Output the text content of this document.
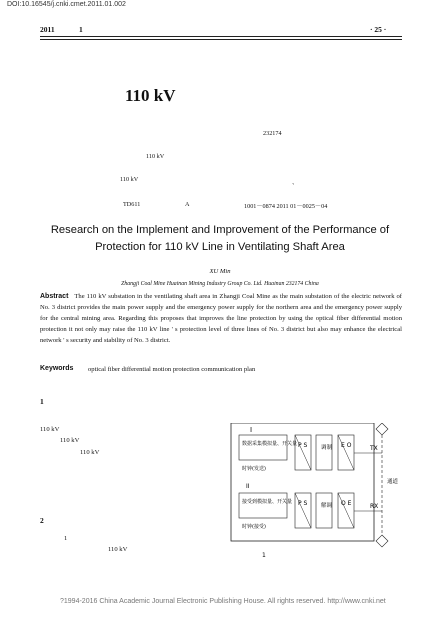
DOI:10.16545/j.cnki.cmet.2011.01.002
2011	1	· 25 ·
110 kV
232174
110 kV
110 kV	、
TD611	A	1001－0874 2011 01－0025－04
Research on the Implement and Improvement of the Performance of
Protection for 110 kV Line in Ventilating Shaft Area
XU Min
Zhangji Coal Mine Huainan Mining Industry Group Co. Ltd. Huainan 232174 China
Abstract The 110 kV substation in the ventilating shaft area in Zhangji Coal Mine as the main substation of the electric network of No. 3 district provides the main power supply and the emergency power supply for the northern area and the emergency power supply for the central mining area. Regarding this proposes that improves the line protection by using the optical fiber differential motion protection it not only may raise the 110 kV line ' s protection level of three lines of No. 3 district but also may enhance the electrical network ' s security and stability of No. 3 district.
Keywords optical fiber differential motion protection communication plan
1
110 kV
110 kV
110 kV
2
1
110 kV
I
II
数据采集模拟量、开关量
时钟(发送)
P S 调制 E O	TX
接受到模拟量、开关量
时钟(接受)
P S 解调 O E	RX
通道
1
?1994-2016 China Academic Journal Electronic Publishing House. All rights reserved. http://www.cnki.net
